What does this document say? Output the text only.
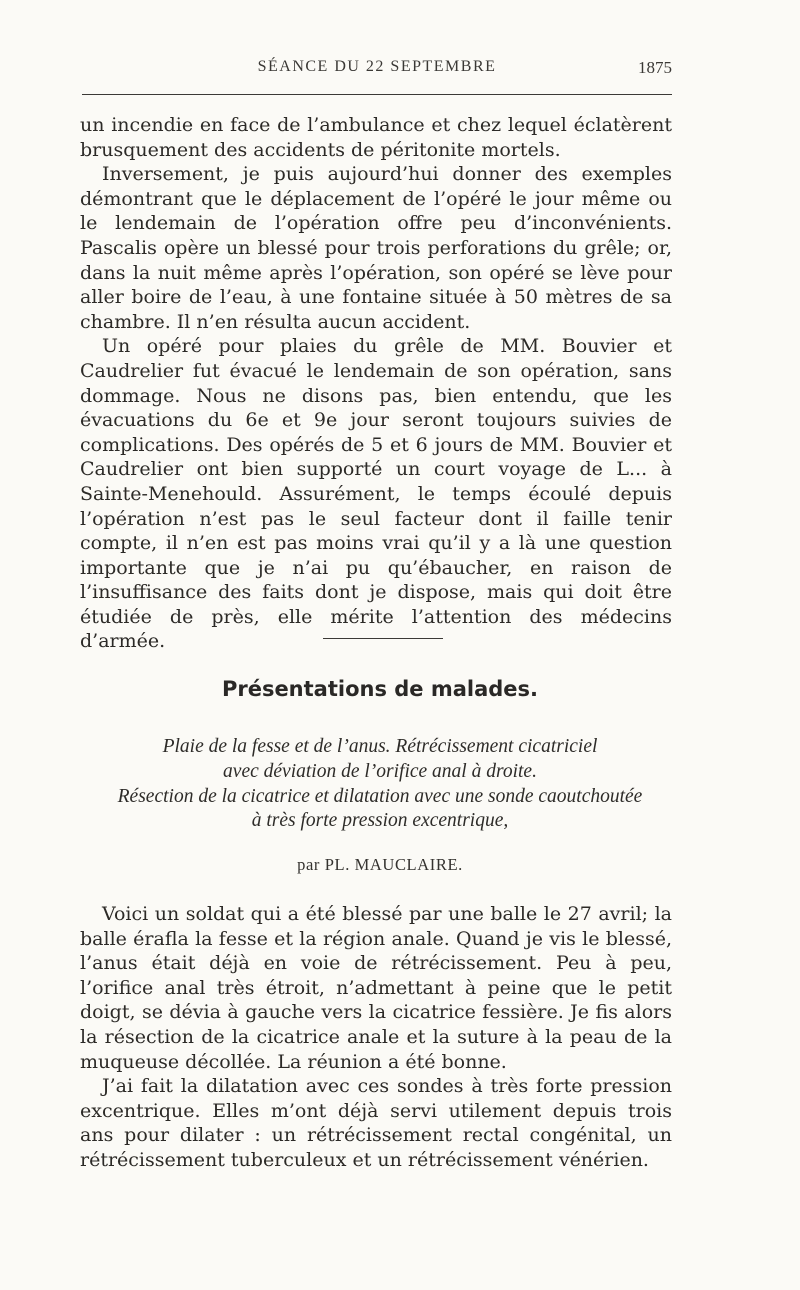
SÉANCE DU 22 SEPTEMBRE	1875

un incendie en face de l’ambulance et chez lequel éclatèrent brusquement des accidents de péritonite mortels.

Inversement, je puis aujourd’hui donner des exemples démontrant que le déplacement de l’opéré le jour même ou le lendemain de l’opération offre peu d’inconvénients. Pascalis opère un blessé pour trois perforations du grêle; or, dans la nuit même après l’opération, son opéré se lève pour aller boire de l’eau, à une fontaine située à 50 mètres de sa chambre. Il n’en résulta aucun accident.

Un opéré pour plaies du grêle de MM. Bouvier et Caudrelier fut évacué le lendemain de son opération, sans dommage. Nous ne disons pas, bien entendu, que les évacuations du 6e et 9e jour seront toujours suivies de complications. Des opérés de 5 et 6 jours de MM. Bouvier et Caudrelier ont bien supporté un court voyage de L... à Sainte-Menehould. Assurément, le temps écoulé depuis l’opération n’est pas le seul facteur dont il faille tenir compte, il n’en est pas moins vrai qu’il y a là une question importante que je n’ai pu qu’ébaucher, en raison de l’insuffisance des faits dont je dispose, mais qui doit être étudiée de près, elle mérite l’attention des médecins d’armée.

Présentations de malades.
Plaie de la fesse et de l’anus. Rétrécissement cicatriciel
avec déviation de l’orifice anal à droite.
Résection de la cicatrice et dilatation avec une sonde caoutchoutée
à très forte pression excentrique,
par PL. MAUCLAIRE.

Voici un soldat qui a été blessé par une balle le 27 avril; la balle érafla la fesse et la région anale. Quand je vis le blessé, l’anus était déjà en voie de rétrécissement. Peu à peu, l’orifice anal très étroit, n’admettant à peine que le petit doigt, se dévia à gauche vers la cicatrice fessière. Je fis alors la résection de la cicatrice anale et la suture à la peau de la muqueuse décollée. La réunion a été bonne.

J’ai fait la dilatation avec ces sondes à très forte pression excentrique. Elles m’ont déjà servi utilement depuis trois ans pour dilater : un rétrécissement rectal congénital, un rétrécissement tuberculeux et un rétrécissement vénérien.
